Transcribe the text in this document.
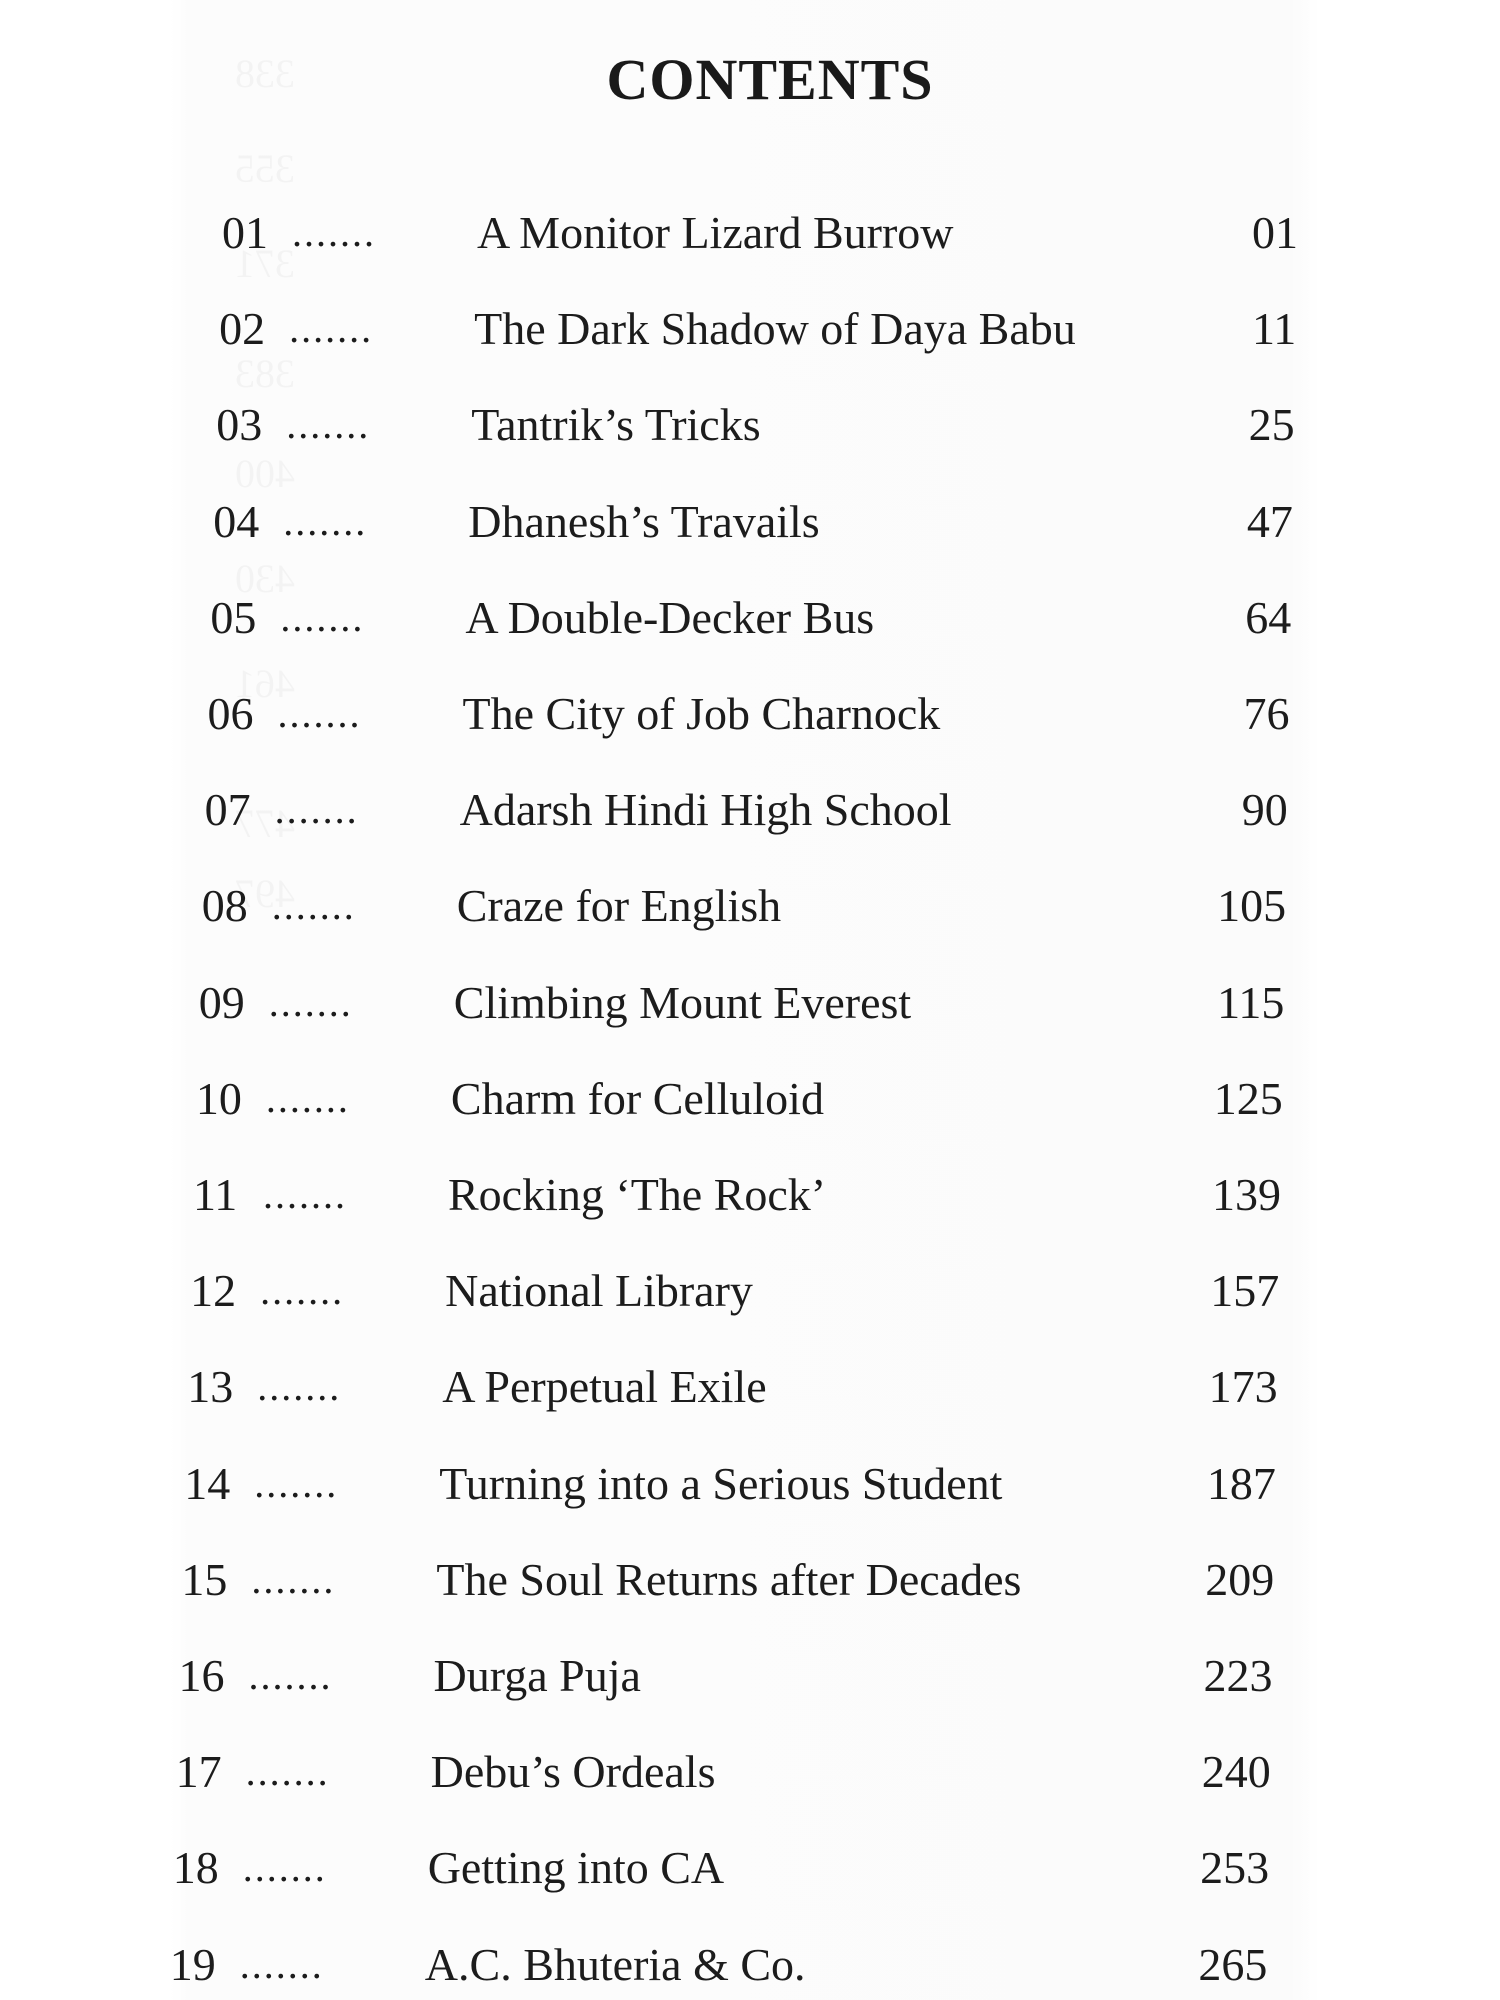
CONTENTS
01 ....... A Monitor Lizard Burrow	01
02 ....... The Dark Shadow of Daya Babu	11
03 ....... Tantrik’s Tricks	25
04 ....... Dhanesh’s Travails	47
05 ....... A Double-Decker Bus	64
06 ....... The City of Job Charnock	76
07 ....... Adarsh Hindi High School	90
08 ....... Craze for English	105
09 ....... Climbing Mount Everest	115
10 ....... Charm for Celluloid	125
11 ....... Rocking ‘The Rock’	139
12 ....... National Library	157
13 ....... A Perpetual Exile	173
14 ....... Turning into a Serious Student	187
15 ....... The Soul Returns after Decades	209
16 ....... Durga Puja	223
17 ....... Debu’s Ordeals	240
18 ....... Getting into CA	253
19 ....... A.C. Bhuteria & Co.	265
